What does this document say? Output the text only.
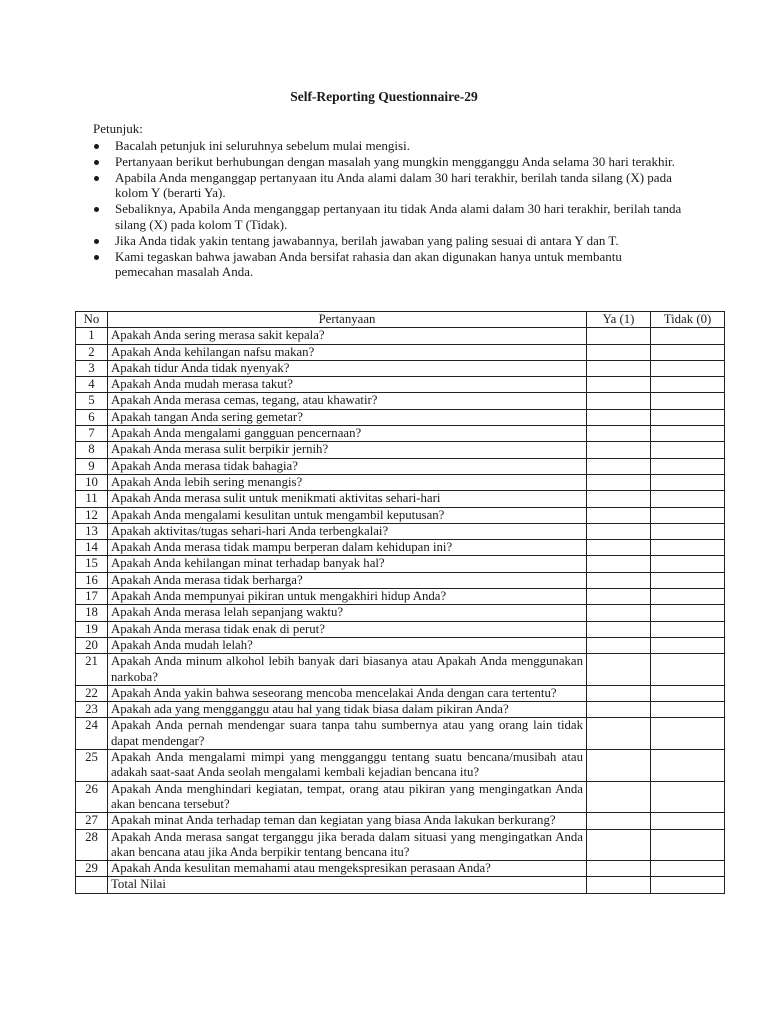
Self-Reporting Questionnaire-29
Petunjuk:
Bacalah petunjuk ini seluruhnya sebelum mulai mengisi.
Pertanyaan berikut berhubungan dengan masalah yang mungkin mengganggu Anda selama 30 hari terakhir.
Apabila Anda menganggap pertanyaan itu Anda alami dalam 30 hari terakhir, berilah tanda silang (X) pada kolom Y (berarti Ya).
Sebaliknya, Apabila Anda menganggap pertanyaan itu tidak Anda alami dalam 30 hari terakhir, berilah tanda silang (X) pada kolom T (Tidak).
Jika Anda tidak yakin tentang jawabannya, berilah jawaban yang paling sesuai di antara Y dan T.
Kami tegaskan bahwa jawaban Anda bersifat rahasia dan akan digunakan hanya untuk membantu pemecahan masalah Anda.
No	Pertanyaan	Ya (1)	Tidak (0)
1	Apakah Anda sering merasa sakit kepala?		
2	Apakah Anda kehilangan nafsu makan?		
3	Apakah tidur Anda tidak nyenyak?		
4	Apakah Anda mudah merasa takut?		
5	Apakah Anda merasa cemas, tegang, atau khawatir?		
6	Apakah tangan Anda sering gemetar?		
7	Apakah Anda mengalami gangguan pencernaan?		
8	Apakah Anda merasa sulit berpikir jernih?		
9	Apakah Anda merasa tidak bahagia?		
10	Apakah Anda lebih sering menangis?		
11	Apakah Anda merasa sulit untuk menikmati aktivitas sehari-hari		
12	Apakah Anda mengalami kesulitan untuk mengambil keputusan?		
13	Apakah aktivitas/tugas sehari-hari Anda terbengkalai?		
14	Apakah Anda merasa tidak mampu berperan dalam kehidupan ini?		
15	Apakah Anda kehilangan minat terhadap banyak hal?		
16	Apakah Anda merasa tidak berharga?		
17	Apakah Anda mempunyai pikiran untuk mengakhiri hidup Anda?		
18	Apakah Anda merasa lelah sepanjang waktu?		
19	Apakah Anda merasa tidak enak di perut?		
20	Apakah Anda mudah lelah?		
21	Apakah Anda minum alkohol lebih banyak dari biasanya atau Apakah Anda menggunakan narkoba?		
22	Apakah Anda yakin bahwa seseorang mencoba mencelakai Anda dengan cara tertentu?		
23	Apakah ada yang mengganggu atau hal yang tidak biasa dalam pikiran Anda?		
24	Apakah Anda pernah mendengar suara tanpa tahu sumbernya atau yang orang lain tidak dapat mendengar?		
25	Apakah Anda mengalami mimpi yang mengganggu tentang suatu bencana/musibah atau adakah saat-saat Anda seolah mengalami kembali kejadian bencana itu?		
26	Apakah Anda menghindari kegiatan, tempat, orang atau pikiran yang mengingatkan Anda akan bencana tersebut?		
27	Apakah minat Anda terhadap teman dan kegiatan yang biasa Anda lakukan berkurang?		
28	Apakah Anda merasa sangat terganggu jika berada dalam situasi yang mengingatkan Anda akan bencana atau jika Anda berpikir tentang bencana itu?		
29	Apakah Anda kesulitan memahami atau mengekspresikan perasaan Anda?		
	Total Nilai		
